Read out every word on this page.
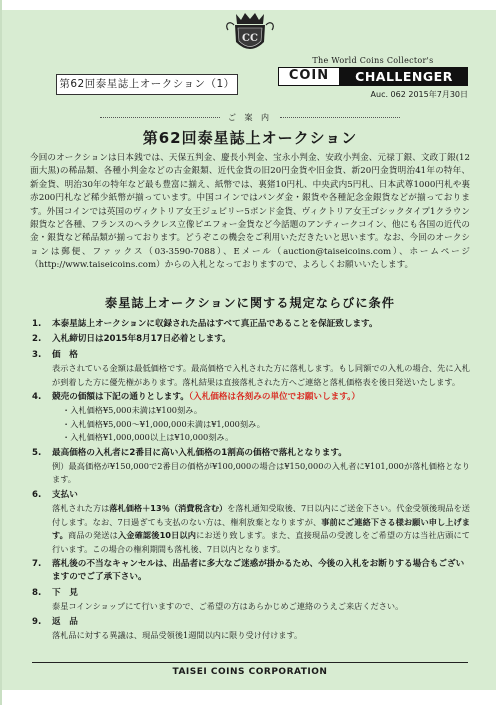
CC
第62回泰星誌上オークション（1）
The World Coins Collector's
COIN	CHALLENGER
Auc. 062 2015年7月30日
ご 案 内
第62回泰星誌上オークション

今回のオークションは日本銭では、天保五判金、慶長小判金、宝永小判金、安政小判金、元禄丁銀、文政丁銀(12面大黒)の稀品類、各種小判金などの古金銀類、近代金貨の旧20円金貨や旧金貨、新20円金貨明治41年の特年、新金貨、明治30年の特年など最も豊富に揃え、紙幣では、裏猪10円札、中央武内5円札、日本武尊1000円札や裏赤200円札など稀少紙幣が揃っています。中国コインではパンダ金・銀貨や各種記念金銀貨などが揃っております。外国コインでは英国のヴィクトリア女王ジュビリー5ポンド金貨、ヴィクトリア女王ゴシックタイプ1クラウン銀貨など各種、フランスのヘラクレス立像ピエフォー金貨など今話題のアンティークコイン、他にも各国の近代の金・銀貨など稀品類が揃っております。どうぞこの機会をご利用いただきたいと思います。なお、今回のオークションは郵便、ファックス（03-3590-7088）、Eメール（auction@taiseicoins.com）、ホームページ（http://www.taiseicoins.com）からの入札となっておりますので、よろしくお願いいたします。

泰星誌上オークションに関する規定ならびに条件
1. 本泰星誌上オークションに収録された品はすべて真正品であることを保証致します。
2. 入札締切日は2015年8月17日必着とします。
3. 価　格
表示されている金額は最低価格です。最高価格で入札された方に落札します。もし同額での入札の場合、先に入札が到着した方に優先権があります。落札結果は直接落札された方へご連絡と落札価格表を後日発送いたします。
4. 競売の価額は下記の通りとします。（入札価格は各刻みの単位でお願いします。）
・入札価格¥5,000未満は¥100刻み。
・入札価格¥5,000～¥1,000,000未満は¥1,000刻み。
・入札価格¥1,000,000以上は¥10,000刻み。
5. 最高価格の入札者に2番目に高い入札価格の1割高の価格で落札となります。
例）最高価格が¥150,000で2番目の価格が¥100,000の場合は¥150,000の入札者に¥101,000が落札価格となります。
6. 支払い
落札された方は落札価格＋13％（消費税含む）を落札通知受取後、7日以内にご送金下さい。代金受領後現品を送付します。なお、7日過ぎても支払のない方は、権利放棄となりますが、事前にご連絡下さる様お願い申し上げます。商品の発送は入金確認後10日以内にお送り致します。また、直接現品の受渡しをご希望の方は当社店頭にて行います。この場合の権利期間も落札後、7日以内となります。
7. 落札後の不当なキャンセルは、出品者に多大なご迷惑が掛かるため、今後の入札をお断りする場合もございますのでご了承下さい。
8. 下　見
泰星コインショップにて行いますので、ご希望の方はあらかじめご連絡のうえご来店ください。
9. 返　品
落札品に対する異議は、現品受領後1週間以内に限り受け付けます。
TAISEI COINS CORPORATION
